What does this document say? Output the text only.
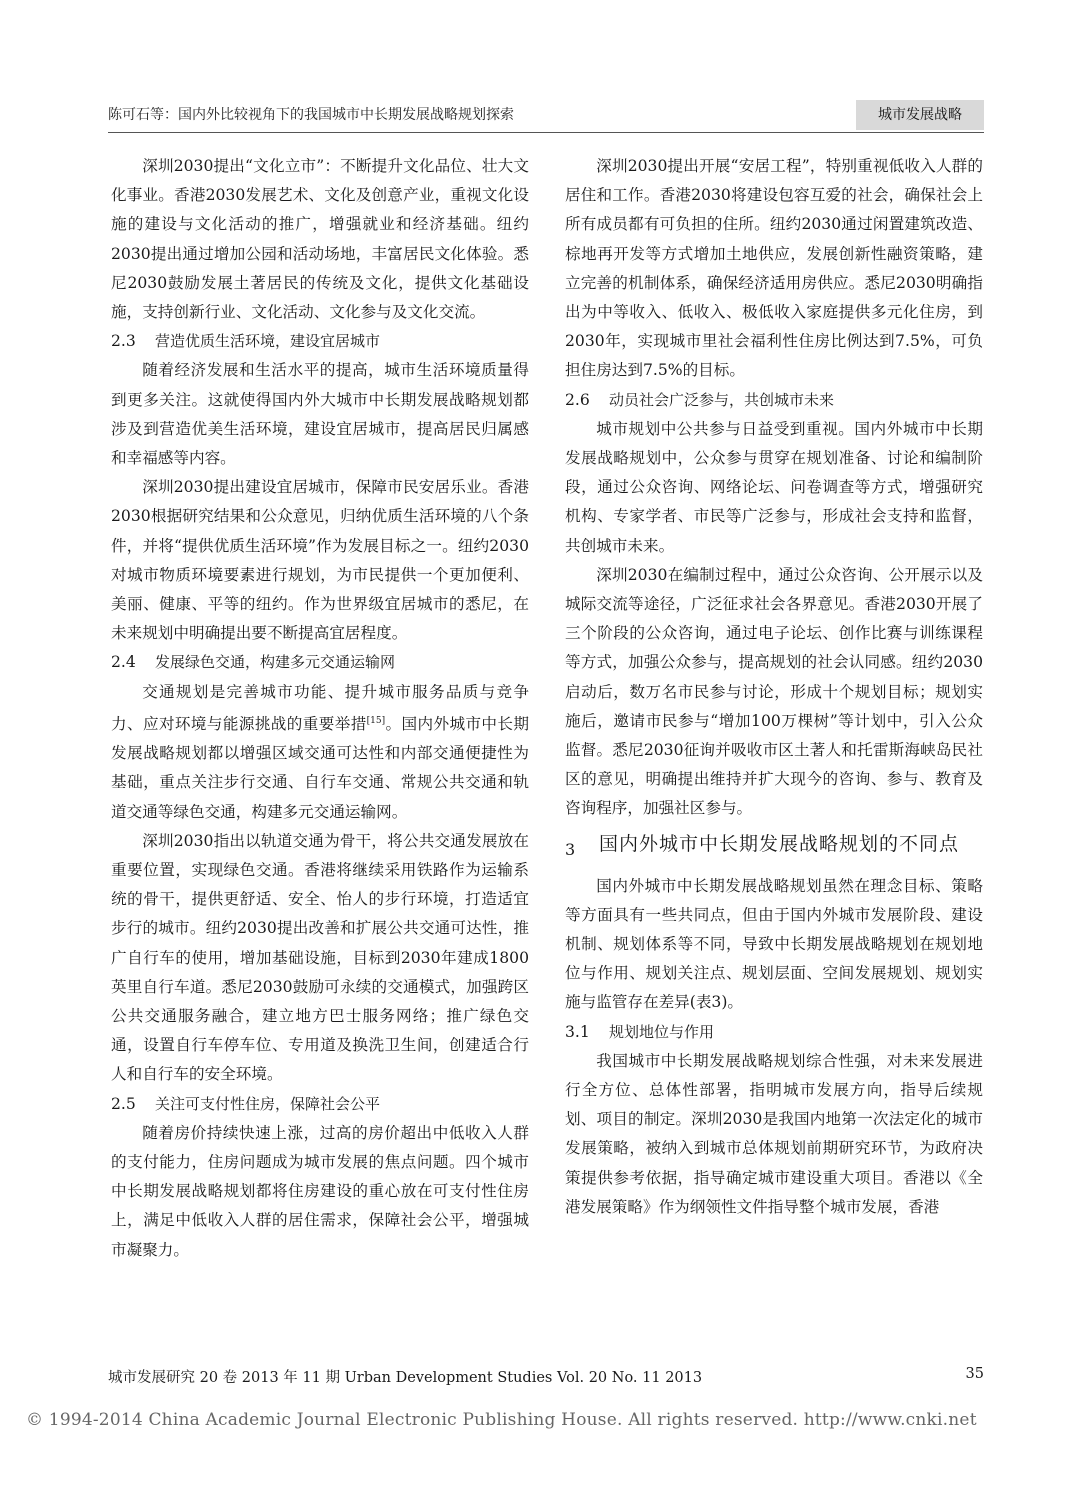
陈可石等：国内外比较视角下的我国城市中长期发展战略规划探索	城市发展战略

深圳2030提出“文化立市”：不断提升文化品位、壮大文化事业。香港2030发展艺术、文化及创意产业，重视文化设施的建设与文化活动的推广，增强就业和经济基础。纽约2030提出通过增加公园和活动场地，丰富居民文化体验。悉尼2030鼓励发展土著居民的传统及文化，提供文化基础设施，支持创新行业、文化活动、文化参与及文化交流。

2.3 营造优质生活环境，建设宜居城市

随着经济发展和生活水平的提高，城市生活环境质量得到更多关注。这就使得国内外大城市中长期发展战略规划都涉及到营造优美生活环境，建设宜居城市，提高居民归属感和幸福感等内容。

深圳2030提出建设宜居城市，保障市民安居乐业。香港2030根据研究结果和公众意见，归纳优质生活环境的八个条件，并将“提供优质生活环境”作为发展目标之一。纽约2030对城市物质环境要素进行规划，为市民提供一个更加便利、美丽、健康、平等的纽约。作为世界级宜居城市的悉尼，在未来规划中明确提出要不断提高宜居程度。

2.4 发展绿色交通，构建多元交通运输网

交通规划是完善城市功能、提升城市服务品质与竞争力、应对环境与能源挑战的重要举措[15]。国内外城市中长期发展战略规划都以增强区域交通可达性和内部交通便捷性为基础，重点关注步行交通、自行车交通、常规公共交通和轨道交通等绿色交通，构建多元交通运输网。

深圳2030指出以轨道交通为骨干，将公共交通发展放在重要位置，实现绿色交通。香港将继续采用铁路作为运输系统的骨干，提供更舒适、安全、怡人的步行环境，打造适宜步行的城市。纽约2030提出改善和扩展公共交通可达性，推广自行车的使用，增加基础设施，目标到2030年建成1800英里自行车道。悉尼2030鼓励可永续的交通模式，加强跨区公共交通服务融合，建立地方巴士服务网络；推广绿色交通，设置自行车停车位、专用道及换洗卫生间，创建适合行人和自行车的安全环境。

2.5 关注可支付性住房，保障社会公平

随着房价持续快速上涨，过高的房价超出中低收入人群的支付能力，住房问题成为城市发展的焦点问题。四个城市中长期发展战略规划都将住房建设的重心放在可支付性住房上，满足中低收入人群的居住需求，保障社会公平，增强城市凝聚力。

深圳2030提出开展“安居工程”，特别重视低收入人群的居住和工作。香港2030将建设包容互爱的社会，确保社会上所有成员都有可负担的住所。纽约2030通过闲置建筑改造、棕地再开发等方式增加土地供应，发展创新性融资策略，建立完善的机制体系，确保经济适用房供应。悉尼2030明确指出为中等收入、低收入、极低收入家庭提供多元化住房，到2030年，实现城市里社会福利性住房比例达到7.5%，可负担住房达到7.5%的目标。

2.6 动员社会广泛参与，共创城市未来

城市规划中公共参与日益受到重视。国内外城市中长期发展战略规划中，公众参与贯穿在规划准备、讨论和编制阶段，通过公众咨询、网络论坛、问卷调查等方式，增强研究机构、专家学者、市民等广泛参与，形成社会支持和监督，共创城市未来。

深圳2030在编制过程中，通过公众咨询、公开展示以及城际交流等途径，广泛征求社会各界意见。香港2030开展了三个阶段的公众咨询，通过电子论坛、创作比赛与训练课程等方式，加强公众参与，提高规划的社会认同感。纽约2030启动后，数万名市民参与讨论，形成十个规划目标；规划实施后，邀请市民参与“增加100万棵树”等计划中，引入公众监督。悉尼2030征询并吸收市区土著人和托雷斯海峡岛民社区的意见，明确提出维持并扩大现今的咨询、参与、教育及咨询程序，加强社区参与。

3	国内外城市中长期发展战略规划的不同点

国内外城市中长期发展战略规划虽然在理念目标、策略等方面具有一些共同点，但由于国内外城市发展阶段、建设机制、规划体系等不同，导致中长期发展战略规划在规划地位与作用、规划关注点、规划层面、空间发展规划、规划实施与监管存在差异(表3)。

3.1 规划地位与作用

我国城市中长期发展战略规划综合性强，对未来发展进行全方位、总体性部署，指明城市发展方向，指导后续规划、项目的制定。深圳2030是我国内地第一次法定化的城市发展策略，被纳入到城市总体规划前期研究环节，为政府决策提供参考依据，指导确定城市建设重大项目。香港以《全港发展策略》作为纲领性文件指导整个城市发展，香港

城市发展研究 20 卷 2013 年 11 期 Urban Development Studies Vol. 20 No. 11 2013	35
© 1994-2014 China Academic Journal Electronic Publishing House. All rights reserved. http://www.cnki.net
